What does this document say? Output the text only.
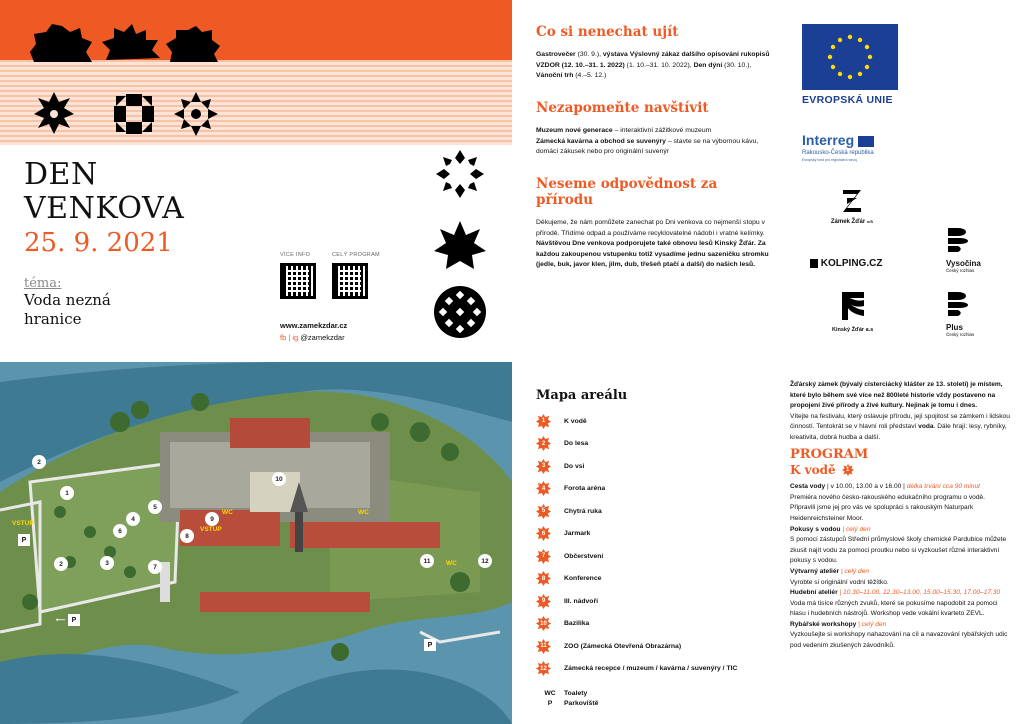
DEN
VENKOVA
25. 9. 2021
téma:
Voda nezná
hranice
VÍCE INFO	CELÝ PROGRAM
www.zamekzdar.cz
fb | ig @zamekzdar
Co si nenechat ujít
Gastrovečer (30. 9.), výstava Výslovný zákaz dalšího opisování rukopisů VZDOR (12. 10.–31. 1. 2022) (1. 10.–31. 10. 2022), Den dýní (30. 10.), Vánoční trh (4.–5. 12.)
Nezapomeňte navštívit
Muzeum nové generace – interaktivní zážitkové muzeum
Zámecká kavárna a obchod se suvenýry – stavte se na výbornou kávu, domácí zákusek nebo pro originální suvenýr
Neseme odpovědnost za přírodu
Děkujeme, že nám pomůžete zanechat po Dni venkova co nejmenší stopu v přírodě. Třídíme odpad a používáme recyklovatelné nádobí i vratné kelímky.
Návštěvou Dne venkova podporujete také obnovu lesů Kinský Žďár. Za každou zakoupenou vstupenku totiž vysadíme jednu sazeničku stromku (jedle, buk, javor klen, jilm, dub, třešeň ptačí a další) do našich lesů.
EVROPSKÁ UNIE
Interreg
Rakousko-Česká republika
Evropský fond pro regionální rozvoj
Zámek Žďár n/S
KOLPING.CZ	Vysočina
Český rozhlas
Kinský Žďár a.s	Plus
Český rozhlas
2
1
4
5
6
2	3
7
8
9
10
11	12
VSTUP
VSTUP
WC	WC
WC
P
P
⟵
P
Mapa areálu
1	K vodě
2	Do lesa
3	Do vsi
4	Forota aréna
5	Chytrá ruka
6	Jarmark
7	Občerstvení
8	Konference
9	III. nádvoří
10	Bazilika
11	ZOO (Zámecká Otevřená Obrazárna)
12	Zámecká recepce / muzeum / kavárna / suvenýry / TIC
WC	Toalety
P	Parkoviště
Žďárský zámek (bývalý cisterciácký klášter ze 13. století) je místem, které bylo během své více než 800leté historie vždy postaveno na propojení živé přírody a živé kultury. Nejinak je tomu i dnes.
Vítejte na festivalu, který oslavuje přírodu, její spojitost se zámkem i lidskou činností. Tentokrát se v hlavní roli představí voda. Dále hrají: lesy, rybníky, kreativita, dobrá hudba a další.
PROGRAM
K vodě 1
Cesta vody | v 10.00, 13.00 a v 16.00 | délka trvání cca 90 minut
Premiéra nového česko-rakouského edukačního programu o vodě. Připravili jsme jej pro vás ve spolupráci s rakouským Naturpark Heidenreichsteiner Moor.
Pokusy s vodou | celý den
S pomocí zástupců Střední průmyslové školy chemické Pardubice můžete zkusit najít vodu za pomoci proutku nebo si vyzkoušet různé interaktivní pokusy s vodou.
Výtvarný ateliér | celý den
Vyrobte si originální vodní těžítko.
Hudební ateliér | 10.30–11.00, 12.30–13.00, 15.00–15.30, 17.00–17.30
Voda má tisíce různých zvuků, které se pokusíme napodobit za pomoci hlasu i hudebních nástrojů. Workshop vede vokální kvarteto ZEVL.
Rybářské workshopy | celý den
Vyzkoušejte si workshopy nahazování na cíl a navazování rybářských udic pod vedením zkušených závodníků.
